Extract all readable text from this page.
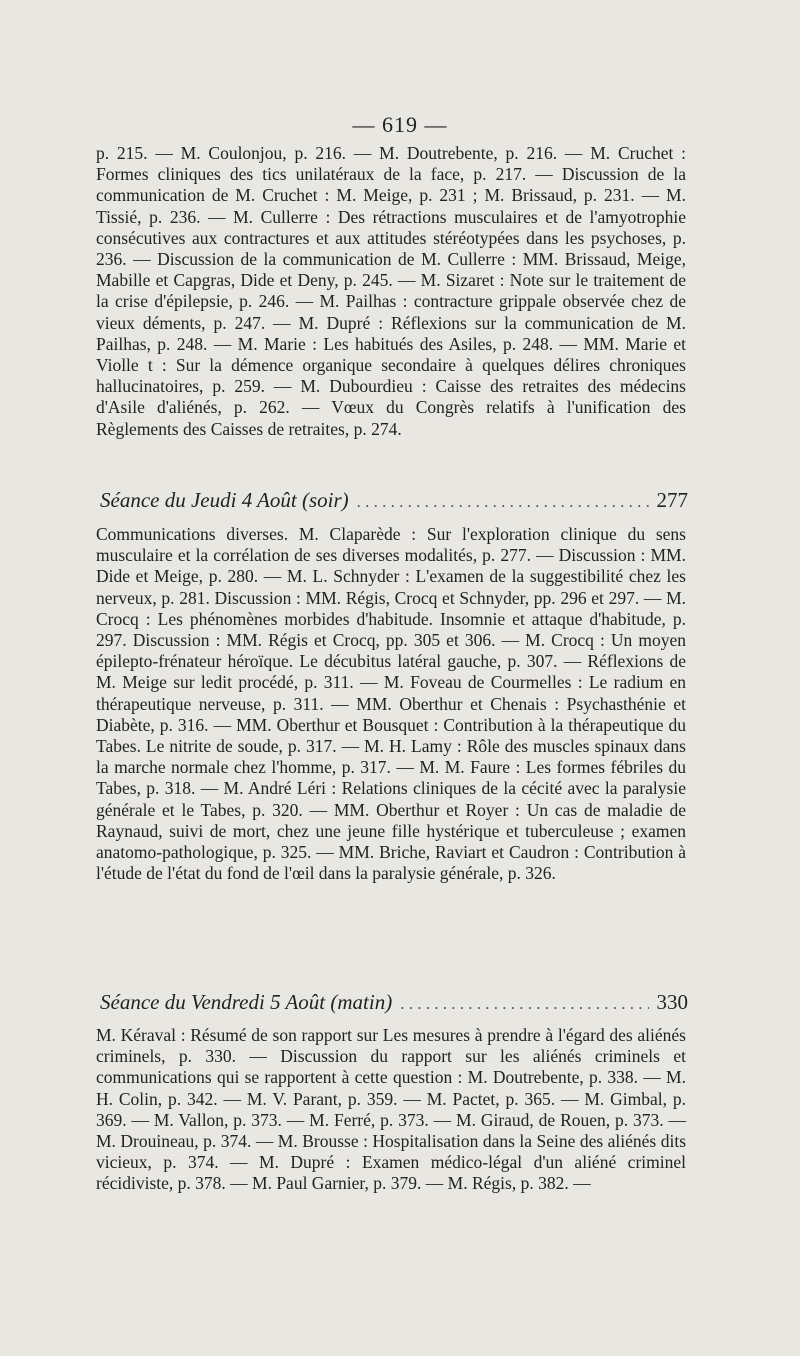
— 619 —

p. 215. — M. Coulonjou, p. 216. — M. Doutrebente, p. 216. — M. Cruchet : Formes cliniques des tics unilatéraux de la face, p. 217. — Discussion de la communication de M. Cruchet : M. Meige, p. 231 ; M. Brissaud, p. 231. — M. Tissié, p. 236. — M. Cullerre : Des rétractions musculaires et de l'amyotrophie consécutives aux contractures et aux attitudes stéréotypées dans les psychoses, p. 236. — Discussion de la communication de M. Cullerre : MM. Brissaud, Meige, Mabille et Capgras, Dide et Deny, p. 245. — M. Sizaret : Note sur le traitement de la crise d'épilepsie, p. 246. — M. Pailhas : contracture grippale observée chez de vieux déments, p. 247. — M. Dupré : Réflexions sur la communication de M. Pailhas, p. 248. — M. Marie : Les habitués des Asiles, p. 248. — MM. Marie et Violle t : Sur la démence organique secondaire à quelques délires chroniques hallucinatoires, p. 259. — M. Dubourdieu : Caisse des retraites des médecins d'Asile d'aliénés, p. 262. — Vœux du Congrès relatifs à l'unification des Règlements des Caisses de retraites, p. 274.

Séance du Jeudi 4 Août (soir) . . .	277

Communications diverses. M. Claparède : Sur l'exploration clinique du sens musculaire et la corrélation de ses diverses modalités, p. 277. — Discussion : MM. Dide et Meige, p. 280. — M. L. Schnyder : L'examen de la suggestibilité chez les nerveux, p. 281. Discussion : MM. Régis, Crocq et Schnyder, pp. 296 et 297. — M. Crocq : Les phénomènes morbides d'habitude. Insomnie et attaque d'habitude, p. 297. Discussion : MM. Régis et Crocq, pp. 305 et 306. — M. Crocq : Un moyen épilepto-frénateur héroïque. Le décubitus latéral gauche, p. 307. — Réflexions de M. Meige sur ledit procédé, p. 311. — M. Foveau de Courmelles : Le radium en thérapeutique nerveuse, p. 311. — MM. Oberthur et Chenais : Psychasthénie et Diabète, p. 316. — MM. Oberthur et Bousquet : Contribution à la thérapeutique du Tabes. Le nitrite de soude, p. 317. — M. H. Lamy : Rôle des muscles spinaux dans la marche normale chez l'homme, p. 317. — M. M. Faure : Les formes fébriles du Tabes, p. 318. — M. André Léri : Relations cliniques de la cécité avec la paralysie générale et le Tabes, p. 320. — MM. Oberthur et Royer : Un cas de maladie de Raynaud, suivi de mort, chez une jeune fille hystérique et tuberculeuse ; examen anatomo-pathologique, p. 325. — MM. Briche, Raviart et Caudron : Contribution à l'étude de l'état du fond de l'œil dans la paralysie générale, p. 326.

Séance du Vendredi 5 Août (matin) . . .	330

M. Kéraval : Résumé de son rapport sur Les mesures à prendre à l'égard des aliénés criminels, p. 330. — Discussion du rapport sur les aliénés criminels et communications qui se rapportent à cette question : M. Doutrebente, p. 338. — M. H. Colin, p. 342. — M. V. Parant, p. 359. — M. Pactet, p. 365. — M. Gimbal, p. 369. — M. Vallon, p. 373. — M. Ferré, p. 373. — M. Giraud, de Rouen, p. 373. — M. Drouineau, p. 374. — M. Brousse : Hospitalisation dans la Seine des aliénés dits vicieux, p. 374. — M. Dupré : Examen médico-légal d'un aliéné criminel récidiviste, p. 378. — M. Paul Garnier, p. 379. — M. Régis, p. 382. —
